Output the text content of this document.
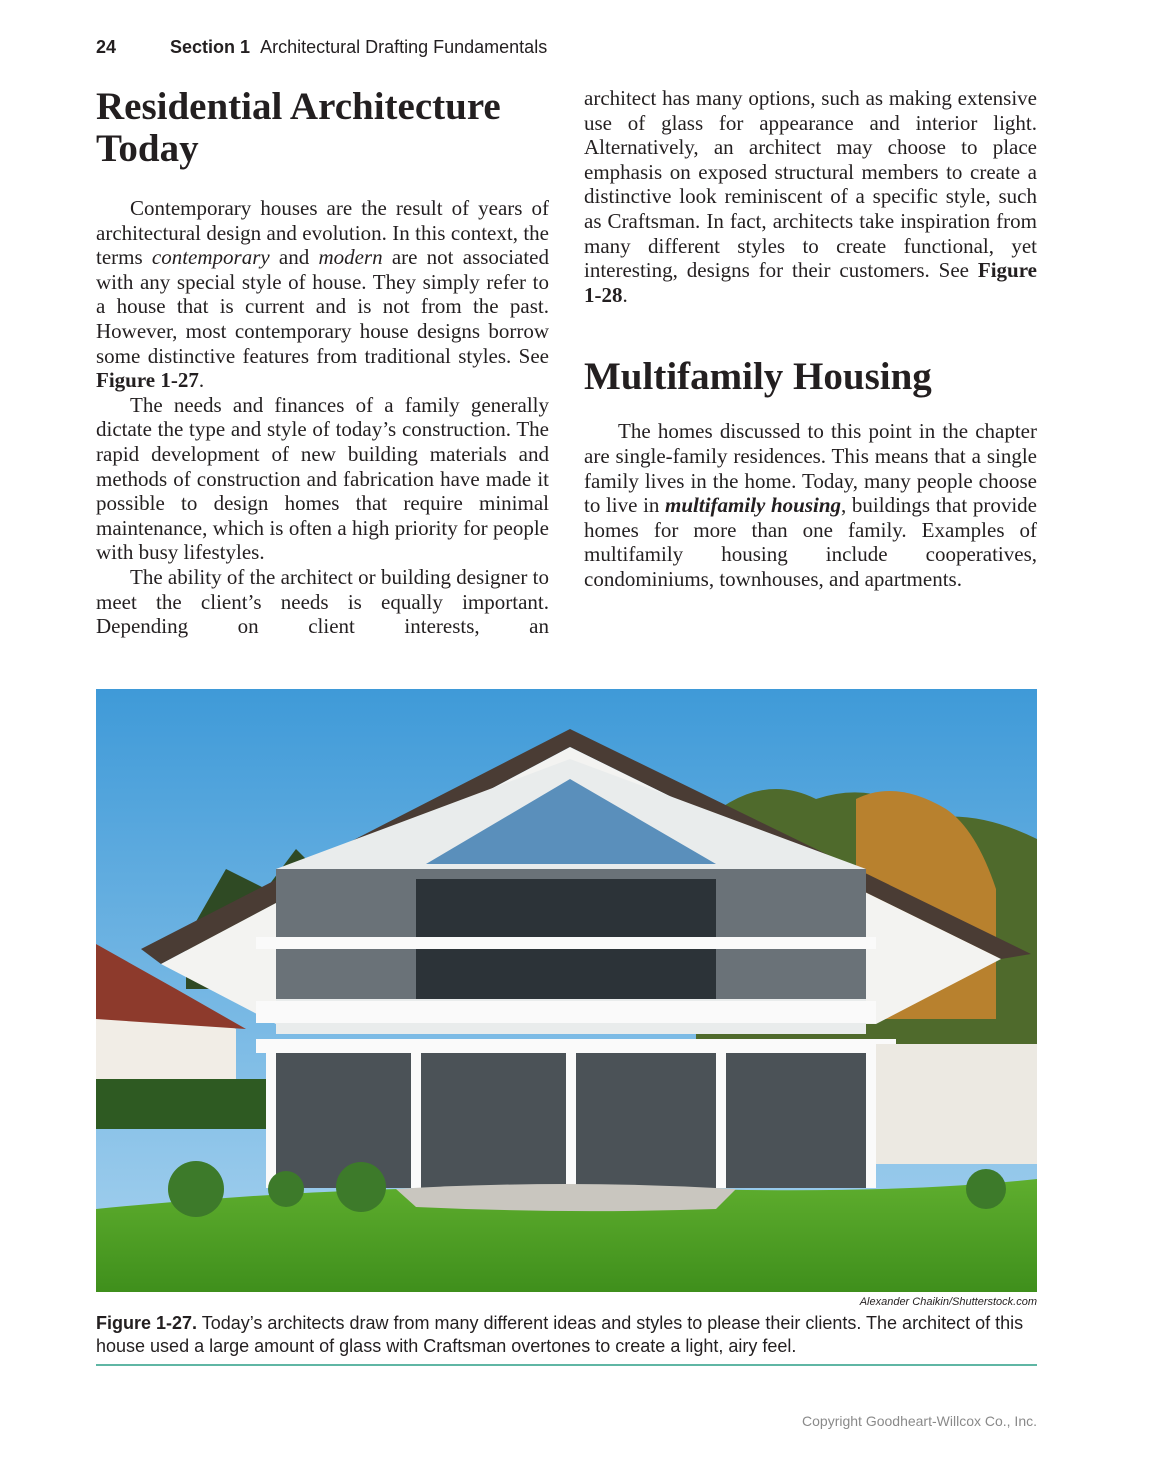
24	Section 1 Architectural Drafting Fundamentals
Residential Architecture Today

Contemporary houses are the result of years of architectural design and evolution. In this context, the terms contemporary and modern are not associated with any special style of house. They simply refer to a house that is current and is not from the past. However, most contemporary house designs borrow some distinctive features from traditional styles. See Figure 1-27.

The needs and finances of a family generally dictate the type and style of today’s construction. The rapid development of new building materials and methods of construction and fabrication have made it possible to design homes that require minimal maintenance, which is often a high priority for people with busy lifestyles.

The ability of the architect or building designer to meet the client’s needs is equally important. Depending on client interests, an

architect has many options, such as making extensive use of glass for appearance and interior light. Alternatively, an architect may choose to place emphasis on exposed structural members to create a distinctive look reminiscent of a specific style, such as Craftsman. In fact, architects take inspiration from many different styles to create functional, yet interesting, designs for their customers. See Figure 1-28.

Multifamily Housing

The homes discussed to this point in the chapter are single-family residences. This means that a single family lives in the home. Today, many people choose to live in multifamily housing, buildings that provide homes for more than one family. Examples of multifamily housing include cooperatives, condominiums, townhouses, and apartments.

Alexander Chaikin/Shutterstock.com
Figure 1-27. Today’s architects draw from many different ideas and styles to please their clients. The architect of this house used a large amount of glass with Craftsman overtones to create a light, airy feel.
Copyright Goodheart-Willcox Co., Inc.
